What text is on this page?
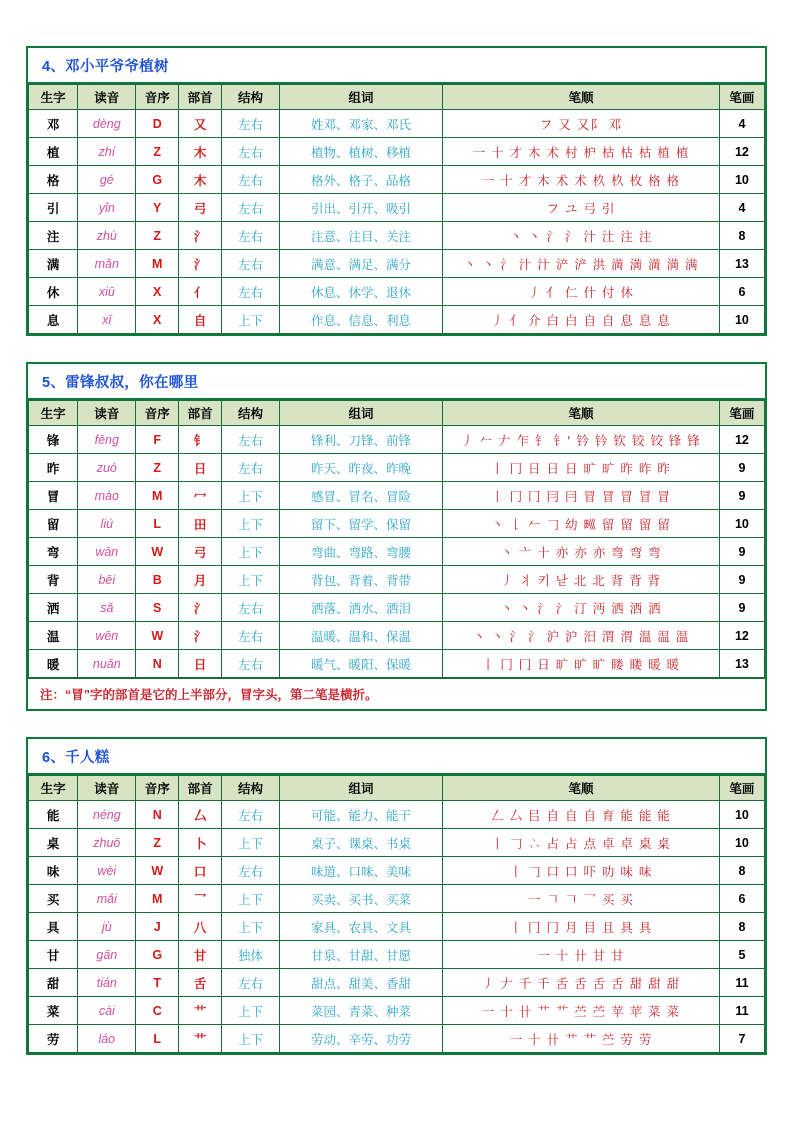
4、邓小平爷爷植树
生字	读音	音序	部首	结构	组词	笔顺	笔画
邓	dèng	D	又	左右	姓邓、邓家、邓氏	フ 又 又阝 邓	4
植	zhí	Z	木	左右	植物、植树、移植	一 十 才 木 术 村 枦 枯 枯 枯 植 植	12
格	gé	G	木	左右	格外、格子、品格	一 十 才 木 术 术 杦 杦 枚 格 格	10
引	yǐn	Y	弓	左右	引出、引开、吸引	フ ユ 弓 引	4
注	zhù	Z	氵	左右	注意、注目、关注	丶 丶 氵 氵 汁 汢 注 注	8
满	mǎn	M	氵	左右	满意、满足、满分	丶 丶 氵 汁 汁 浐 浐 洪 満 満 満 満 满	13
休	xiū	X	亻	左右	休息、休学、退休	丿 亻 仁 什 付 休	6
息	xī	X	自	上下	作息、信息、利息	丿 亻 介 白 白 自 自 息 息 息	10
5、雷锋叔叔，你在哪里
生字	读音	音序	部首	结构	组词	笔顺	笔画
锋	fēng	F	钅	左右	锋利、刀锋、前锋	丿 𠂉 𠂇 乍 钅 钅' 钤 钤 钦 铰 铰 锋 锋	12
昨	zuó	Z	日	左右	昨天、昨夜、昨晚	丨 冂 日 日 日 旷 旷 昨 昨 昨	9
冒	mào	M	冖	上下	感冒、冒名、冒险	丨 冂 冂 冃 冃 冒 冒 冒 冒 冒	9
留	liú	L	田	上下	留下、留学、保留	丶 𠄌 𠂉 𠃌 幼 𤰝 留 留 留 留	10
弯	wān	W	弓	上下	弯曲、弯路、弯腰	丶 亠 十 亦 亦 亦 弯 弯 弯	9
背	bēi	B	月	上下	背包、背着、背带	丿 丬 키 낟 北 北 背 背 背	9
洒	sǎ	S	氵	左右	洒落、洒水、洒泪	丶 丶 氵 氵 汀 沔 洒 洒 洒	9
温	wēn	W	氵	左右	温暖、温和、保温	丶 丶 氵 氵 沪 沪 汨 渭 渭 温 温 温	12
暖	nuǎn	N	日	左右	暖气、暖阳、保暖	丨 冂 冂 日 旷 旷 旷 䁖 䁖 暖 暖	13
注：“冒”字的部首是它的上半部分，冒字头，第二笔是横折。
6、千人糕
生字	读音	音序	部首	结构	组词	笔顺	笔画
能	néng	N	厶	左右	可能、能力、能干	𠃋 厶 㠯 自 自 自 育 能 能 能	10
桌	zhuō	Z	卜	上下	桌子、课桌、书桌	丨 𠃌 𠁼 占 占 点 卓 卓 桌 桌	10
味	wèi	W	口	左右	味道、口味、美味	丨 𠃌 口 口 吓 叻 味 味	8
买	mǎi	M	乛	上下	买卖、买书、买菜	一 𠃍 𠃍 乛 买 买	6
具	jù	J	八	上下	家具、农具、文具	丨 冂 冂 月 目 且 具 具	8
甘	gān	G	甘	独体	甘泉、甘甜、甘愿	一 十 卄 甘 甘	5
甜	tián	T	舌	左右	甜点、甜美、香甜	丿 𠂇 千 千 舌 舌 舌 舌 甜 甜 甜	11
菜	cài	C	艹	上下	菜园、青菜、种菜	一 十 卄 艹 艹 苎 苎 苹 苹 菜 菜	11
劳	láo	L	艹	上下	劳动、辛劳、功劳	一 十 卄 艹 艹 苎 劳 劳	7
